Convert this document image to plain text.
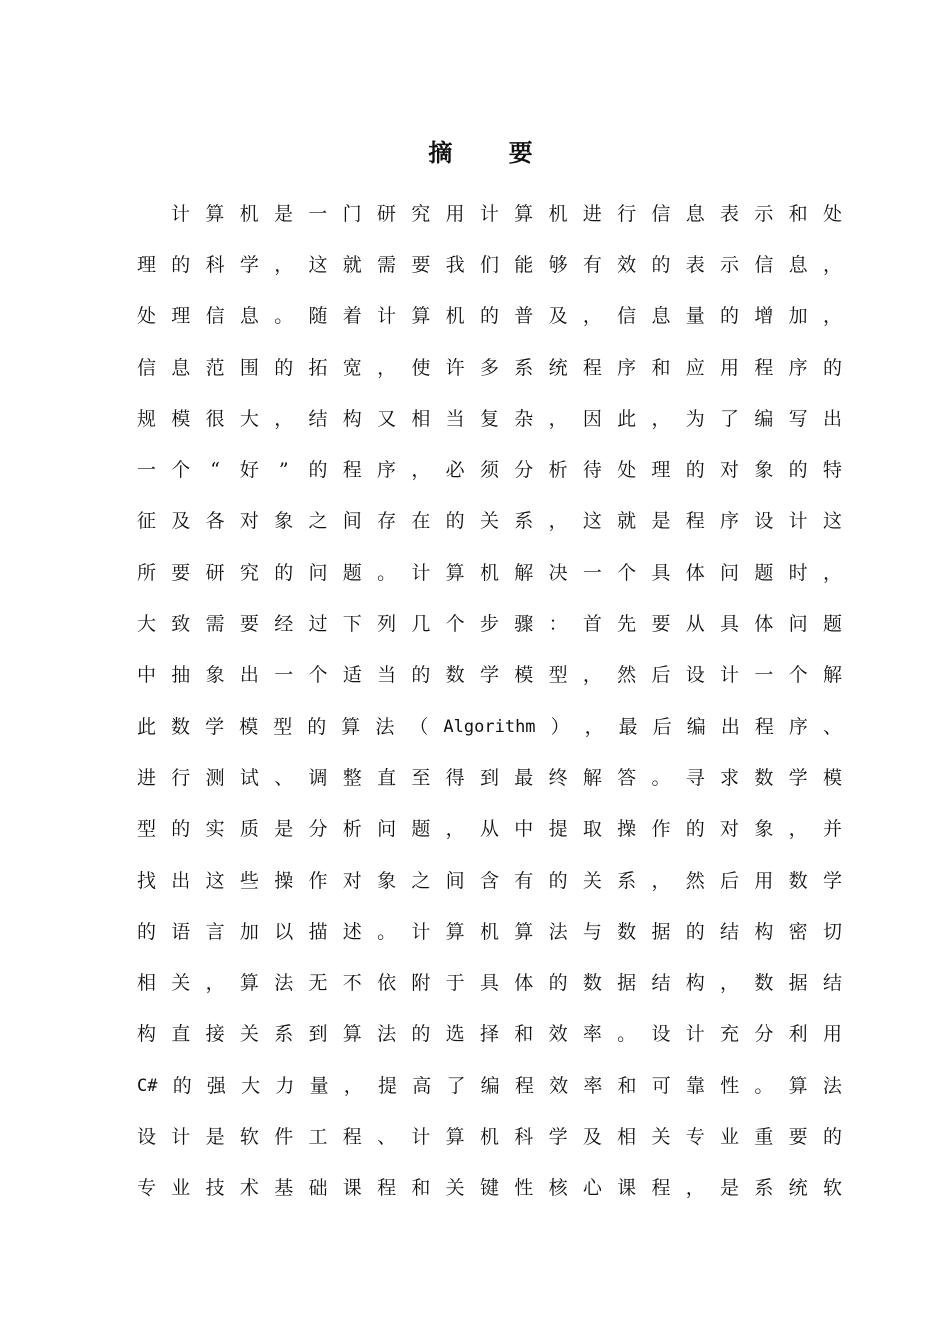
摘 要
计 算 机 是 一 门 研 究 用 计 算 机 进 行 信 息 表 示 和 处
理 的 科 学 ， 这 就 需 要 我 们 能 够 有 效 的 表 示 信 息 ，
处 理 信 息 。 随 着 计 算 机 的 普 及 ， 信 息 量 的 增 加 ，
信 息 范 围 的 拓 宽 ， 使 许 多 系 统 程 序 和 应 用 程 序 的
规 模 很 大 ， 结 构 又 相 当 复 杂 ， 因 此 ， 为 了 编 写 出
一 个 “ 好 ” 的 程 序 ， 必 须 分 析 待 处 理 的 对 象 的 特
征 及 各 对 象 之 间 存 在 的 关 系 ， 这 就 是 程 序 设 计 这
所 要 研 究 的 问 题 。 计 算 机 解 决 一 个 具 体 问 题 时 ，
大 致 需 要 经 过 下 列 几 个 步 骤 ： 首 先 要 从 具 体 问 题
中 抽 象 出 一 个 适 当 的 数 学 模 型 ， 然 后 设 计 一 个 解
此 数 学 模 型 的 算 法 （ Algorithm ） ， 最 后 编 出 程 序 、
进 行 测 试 、 调 整 直 至 得 到 最 终 解 答 。 寻 求 数 学 模
型 的 实 质 是 分 析 问 题 ， 从 中 提 取 操 作 的 对 象 ， 并
找 出 这 些 操 作 对 象 之 间 含 有 的 关 系 ， 然 后 用 数 学
的 语 言 加 以 描 述 。 计 算 机 算 法 与 数 据 的 结 构 密 切
相 关 ， 算 法 无 不 依 附 于 具 体 的 数 据 结 构 ， 数 据 结
构 直 接 关 系 到 算 法 的 选 择 和 效 率 。 设 计 充 分 利 用
C# 的 强 大 力 量 ， 提 高 了 编 程 效 率 和 可 靠 性 。 算 法
设 计 是 软 件 工 程 、 计 算 机 科 学 及 相 关 专 业 重 要 的
专 业 技 术 基 础 课 程 和 关 键 性 核 心 课 程 ， 是 系 统 软
